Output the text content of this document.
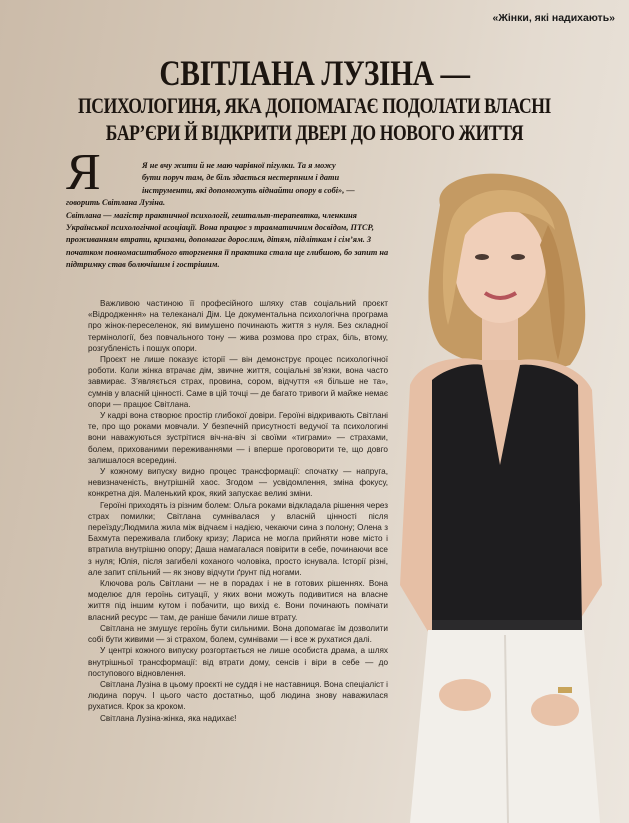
«Жінки, які надихають»
СВІТЛАНА ЛУЗІНА —
ПСИХОЛОГИНЯ, ЯКА ДОПОМАГАЄ ПОДОЛАТИ ВЛАСНІ
БАР’ЄРИ Й ВІДКРИТИ ДВЕРІ ДО НОВОГО ЖИТТЯ
Я	Я не вчу жити й не маю чарівної пігулки. Та я можу

бути поруч там, де біль здається нестерпним і дати

інструменти, які допоможуть віднайти опору в собі», —

говорить Світлана Лузіна.

Світлана — магістр практичної психології, гештальт-терапевтка, членкиня Української психологічної асоціації. Вона працює з травматичним досвідом, ПТСР, проживанням втрати, кризами, допомагає дорослим, дітям, підліткам і сім’ям. З початком повномасштабного вторгнення її практика стала ще глибшою, бо запит на підтримку став болючішим і гострішим.

Важливою частиною її професійного шляху став соціальний проєкт «Відродження» на телеканалі Дім. Це документальна психологічна програма про жінок-переселенок, які вимушено починають життя з нуля. Без складної термінології, без повчального тону — жива розмова про страх, біль, втому, розгубленість і пошук опори.

Проєкт не лише показує історії — він демонструє процес психологічної роботи. Коли жінка втрачає дім, звичне життя, соціальні зв’язки, вона часто завмирає. З’являється страх, провина, сором, відчуття «я більше не та», сумнів у власній цінності. Саме в цій точці — де багато тривоги й майже немає опори — працює Світлана.

У кадрі вона створює простір глибокої довіри. Героїні відкривають Світлані те, про що роками мовчали. У безпечній присутності ведучої та психологині вони наважуються зустрітися віч-на-віч зі своїми «тиграми» — страхами, болем, прихованими переживаннями — і вперше проговорити те, що довго залишалося всередині.

У кожному випуску видно процес трансформації: спочатку — напруга, невизначеність, внутрішній хаос. Згодом — усвідомлення, зміна фокусу, конкретна дія. Маленький крок, який запускає великі зміни.

Героїні приходять із різним болем: Ольга роками відкладала рішення через страх помилки; Світлана сумнівалася у власній цінності після переїзду;Людмила жила між відчаєм і надією, чекаючи сина з полону; Олена з Бахмута переживала глибоку кризу; Лариса не могла прийняти нове місто і втратила внутрішню опору; Даша намагалася повірити в себе, починаючи все з нуля; Юлія, після загибелі коханого чоловіка, просто існувала. Історії різні, але запит спільний — як знову відчути ґрунт під ногами.

Ключова роль Світлани — не в порадах і не в готових рішеннях. Вона моделює для героїнь ситуації, у яких вони можуть подивитися на власне життя під іншим кутом і побачити, що вихід є. Вони починають помічати власний ресурс — там, де раніше бачили лише втрату.

Світлана не змушує героїнь бути сильними. Вона допомагає їм дозволити собі бути живими — зі страхом, болем, сумнівами — і все ж рухатися далі.

У центрі кожного випуску розгортається не лише особиста драма, а шлях внутрішньої трансформації: від втрати дому, сенсів і віри в себе — до поступового відновлення.

Світлана Лузіна в цьому проєкті не суддя і не наставниця. Вона спеціаліст і людина поруч. І цього часто достатньо, щоб людина знову наважилася рухатися. Крок за кроком.

Світлана Лузіна-жінка, яка надихає!
